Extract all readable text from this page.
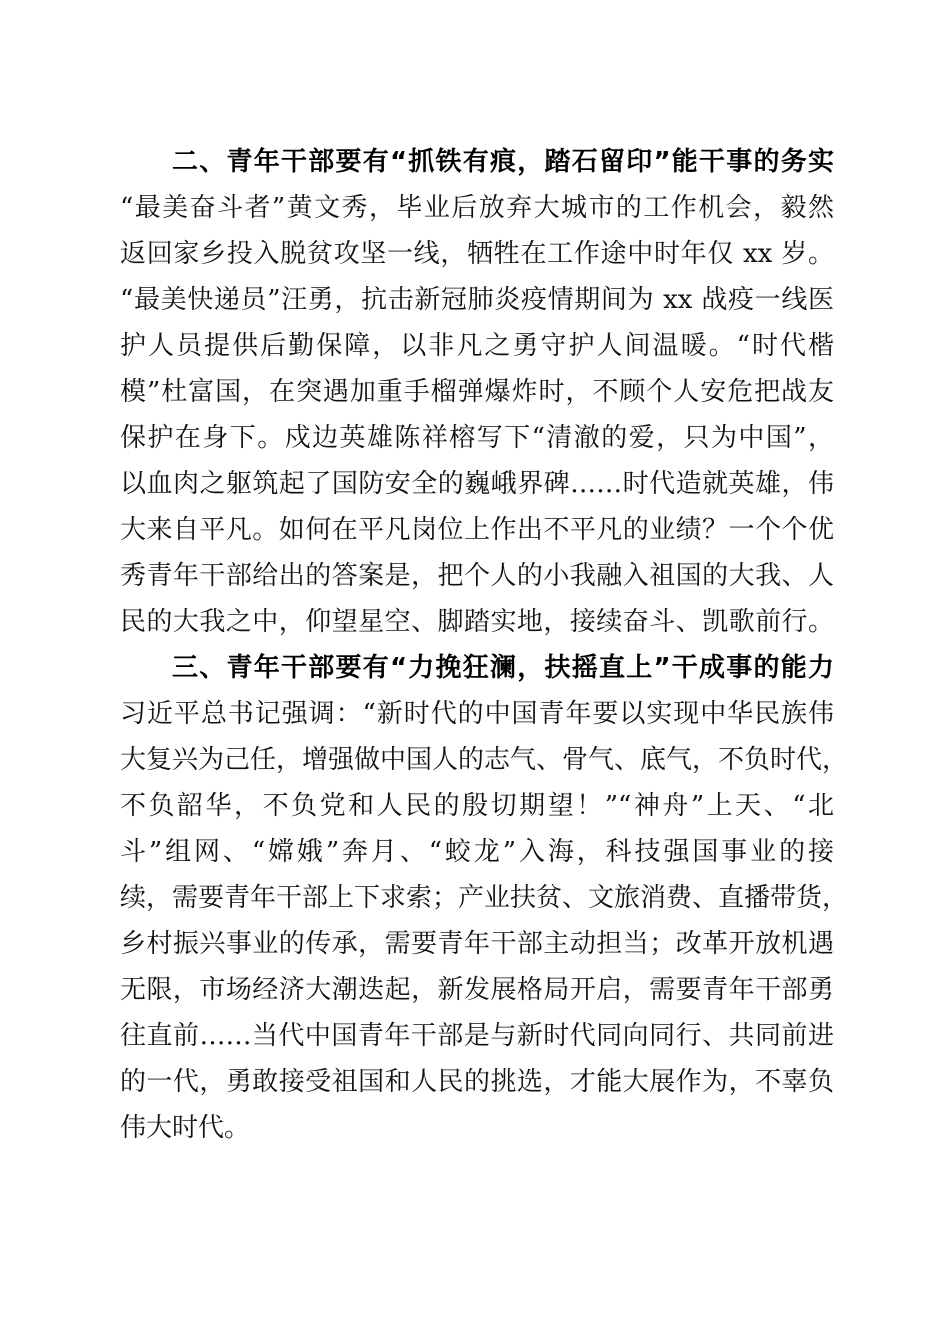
二、青年干部要有“抓铁有痕，踏石留印”能干事的务实
“最美奋斗者”黄文秀，毕业后放弃大城市的工作机会，毅然
返回家乡投入脱贫攻坚一线，牺牲在工作途中时年仅 xx 岁。
“最美快递员”汪勇，抗击新冠肺炎疫情期间为 xx 战疫一线医
护人员提供后勤保障，以非凡之勇守护人间温暖。“时代楷
模”杜富国，在突遇加重手榴弹爆炸时，不顾个人安危把战友
保护在身下。戍边英雄陈祥榕写下“清澈的爱，只为中国”，
以血肉之躯筑起了国防安全的巍峨界碑……时代造就英雄，伟
大来自平凡。如何在平凡岗位上作出不平凡的业绩？一个个优
秀青年干部给出的答案是，把个人的小我融入祖国的大我、人
民的大我之中，仰望星空、脚踏实地，接续奋斗、凯歌前行。
三、青年干部要有“力挽狂澜，扶摇直上”干成事的能力
习近平总书记强调：“新时代的中国青年要以实现中华民族伟
大复兴为己任，增强做中国人的志气、骨气、底气，不负时代，
不负韶华，不负党和人民的殷切期望！”“神舟”上天、“北
斗”组网、“嫦娥”奔月、“蛟龙”入海，科技强国事业的接
续，需要青年干部上下求索；产业扶贫、文旅消费、直播带货，
乡村振兴事业的传承，需要青年干部主动担当；改革开放机遇
无限，市场经济大潮迭起，新发展格局开启，需要青年干部勇
往直前……当代中国青年干部是与新时代同向同行、共同前进
的一代，勇敢接受祖国和人民的挑选，才能大展作为，不辜负
伟大时代。
